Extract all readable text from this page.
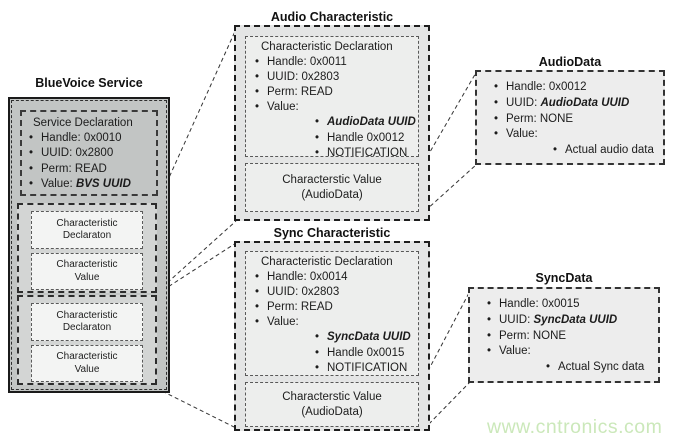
BlueVoice Service
Service Declaration
• Handle: 0x0010
• UUID: 0x2800
• Perm: READ
• Value: BVS UUID
Characteristic
Declaraton
Characteristic
Value
Characteristic
Declaraton
Characteristic
Value
Audio Characteristic
Characteristic Declaration
• Handle: 0x0011
• UUID: 0x2803
• Perm: READ
• Value:
• AudioData UUID
• Handle 0x0012
• NOTIFICATION
Characterstic Value
(AudioData)
Sync Characteristic
Characteristic Declaration
• Handle: 0x0014
• UUID: 0x2803
• Perm: READ
• Value:
• SyncData UUID
• Handle 0x0015
• NOTIFICATION
Characterstic Value
(AudioData)
AudioData
• Handle: 0x0012
• UUID: AudioData UUID
• Perm: NONE
• Value:
• Actual audio data
SyncData
• Handle: 0x0015
• UUID: SyncData UUID
• Perm: NONE
• Value:
• Actual Sync data
www.cntronics.com
